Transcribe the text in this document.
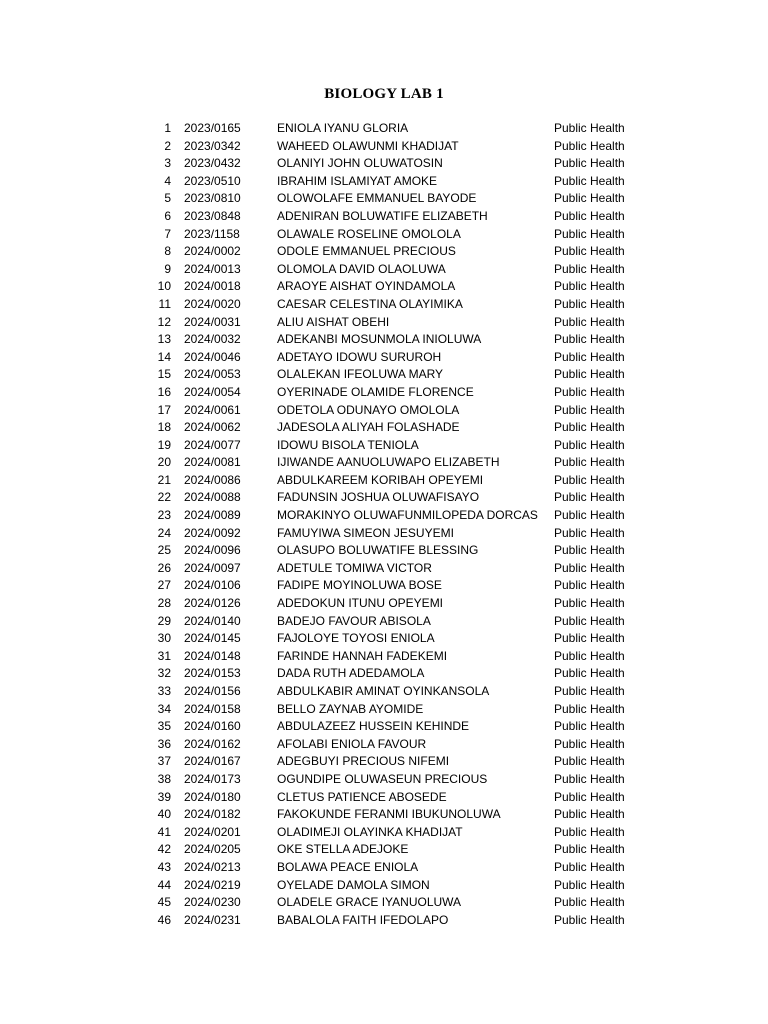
BIOLOGY LAB 1
1 2023/0165	ENIOLA IYANU GLORIA	Public Health
2 2023/0342	WAHEED OLAWUNMI KHADIJAT	Public Health
3 2023/0432	OLANIYI JOHN OLUWATOSIN	Public Health
4 2023/0510	IBRAHIM ISLAMIYAT AMOKE	Public Health
5 2023/0810	OLOWOLAFE EMMANUEL BAYODE	Public Health
6 2023/0848	ADENIRAN BOLUWATIFE ELIZABETH	Public Health
7 2023/1158	OLAWALE ROSELINE OMOLOLA	Public Health
8 2024/0002	ODOLE EMMANUEL PRECIOUS	Public Health
9 2024/0013	OLOMOLA DAVID OLAOLUWA	Public Health
10 2024/0018	ARAOYE AISHAT OYINDAMOLA	Public Health
11 2024/0020	CAESAR CELESTINA OLAYIMIKA	Public Health
12 2024/0031	ALIU AISHAT OBEHI	Public Health
13 2024/0032	ADEKANBI MOSUNMOLA INIOLUWA	Public Health
14 2024/0046	ADETAYO IDOWU SURUROH	Public Health
15 2024/0053	OLALEKAN IFEOLUWA MARY	Public Health
16 2024/0054	OYERINADE OLAMIDE FLORENCE	Public Health
17 2024/0061	ODETOLA ODUNAYO OMOLOLA	Public Health
18 2024/0062	JADESOLA ALIYAH FOLASHADE	Public Health
19 2024/0077	IDOWU BISOLA TENIOLA	Public Health
20 2024/0081	IJIWANDE AANUOLUWAPO ELIZABETH	Public Health
21 2024/0086	ABDULKAREEM KORIBAH OPEYEMI	Public Health
22 2024/0088	FADUNSIN JOSHUA OLUWAFISAYO	Public Health
23 2024/0089	MORAKINYO OLUWAFUNMILOPEDA DORCAS	Public Health
24 2024/0092	FAMUYIWA SIMEON JESUYEMI	Public Health
25 2024/0096	OLASUPO BOLUWATIFE BLESSING	Public Health
26 2024/0097	ADETULE TOMIWA VICTOR	Public Health
27 2024/0106	FADIPE MOYINOLUWA BOSE	Public Health
28 2024/0126	ADEDOKUN ITUNU OPEYEMI	Public Health
29 2024/0140	BADEJO FAVOUR ABISOLA	Public Health
30 2024/0145	FAJOLOYE TOYOSI ENIOLA	Public Health
31 2024/0148	FARINDE HANNAH FADEKEMI	Public Health
32 2024/0153	DADA RUTH ADEDAMOLA	Public Health
33 2024/0156	ABDULKABIR AMINAT OYINKANSOLA	Public Health
34 2024/0158	BELLO ZAYNAB AYOMIDE	Public Health
35 2024/0160	ABDULAZEEZ HUSSEIN KEHINDE	Public Health
36 2024/0162	AFOLABI ENIOLA FAVOUR	Public Health
37 2024/0167	ADEGBUYI PRECIOUS NIFEMI	Public Health
38 2024/0173	OGUNDIPE OLUWASEUN PRECIOUS	Public Health
39 2024/0180	CLETUS PATIENCE ABOSEDE	Public Health
40 2024/0182	FAKOKUNDE FERANMI IBUKUNOLUWA	Public Health
41 2024/0201	OLADIMEJI OLAYINKA KHADIJAT	Public Health
42 2024/0205	OKE STELLA ADEJOKE	Public Health
43 2024/0213	BOLAWA PEACE ENIOLA	Public Health
44 2024/0219	OYELADE DAMOLA SIMON	Public Health
45 2024/0230	OLADELE GRACE IYANUOLUWA	Public Health
46 2024/0231	BABALOLA FAITH IFEDOLAPO	Public Health
